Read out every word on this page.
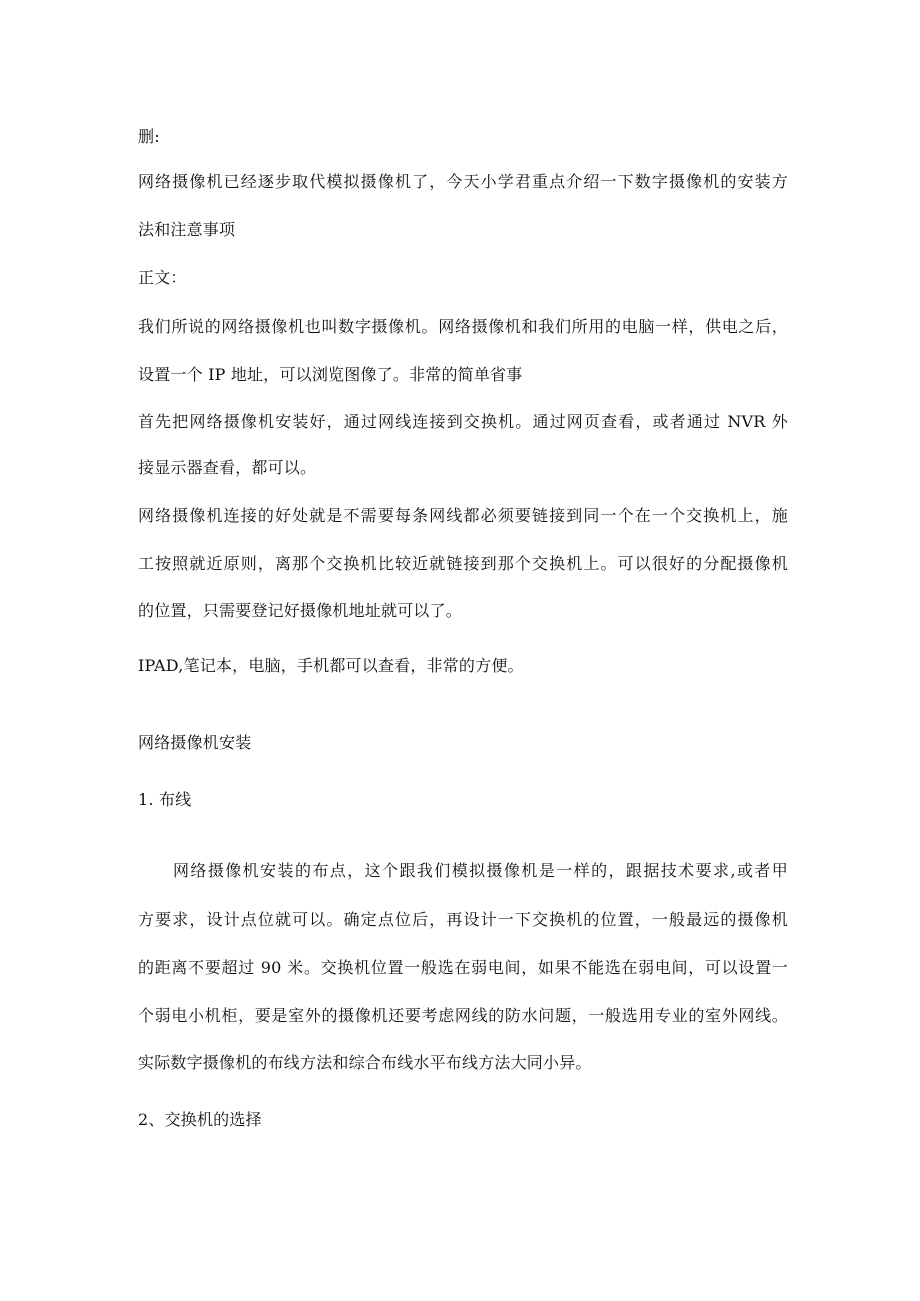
删:
网络摄像机已经逐步取代模拟摄像机了，今天小学君重点介绍一下数字摄像机的安装方
法和注意事项
正文：
我们所说的网络摄像机也叫数字摄像机。网络摄像机和我们所用的电脑一样，供电之后，
设置一个 IP 地址，可以浏览图像了。非常的简单省事
首先把网络摄像机安装好，通过网线连接到交换机。通过网页查看，或者通过 NVR 外
接显示器查看，都可以。
网络摄像机连接的好处就是不需要每条网线都必须要链接到同一个在一个交换机上，施
工按照就近原则，离那个交换机比较近就链接到那个交换机上。可以很好的分配摄像机
的位置，只需要登记好摄像机地址就可以了。
IPAD,笔记本，电脑，手机都可以查看，非常的方便。
网络摄像机安装
1. 布线
网络摄像机安装的布点，这个跟我们模拟摄像机是一样的，跟据技术要求,或者甲
方要求，设计点位就可以。确定点位后，再设计一下交换机的位置，一般最远的摄像机
的距离不要超过 90 米。交换机位置一般选在弱电间，如果不能选在弱电间，可以设置一
个弱电小机柜，要是室外的摄像机还要考虑网线的防水问题，一般选用专业的室外网线。
实际数字摄像机的布线方法和综合布线水平布线方法大同小异。
2、交换机的选择
